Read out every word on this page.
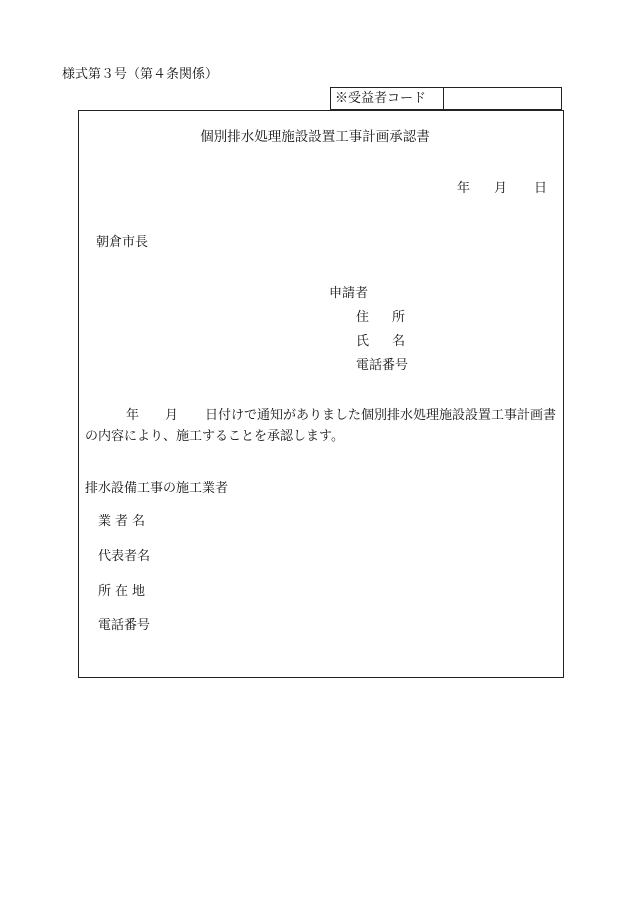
様式第３号（第４条関係）
※受益者コード
個別排水処理施設設置工事計画承認書
年 月 日
朝倉市長
申請者
住 所
氏 名
電話番号
年 月 日付けで通知がありました個別排水処理施設設置工事計画書
の内容により、施工することを承認します。
排水設備工事の施工業者
業者名
代表者名
所在地
電話番号
